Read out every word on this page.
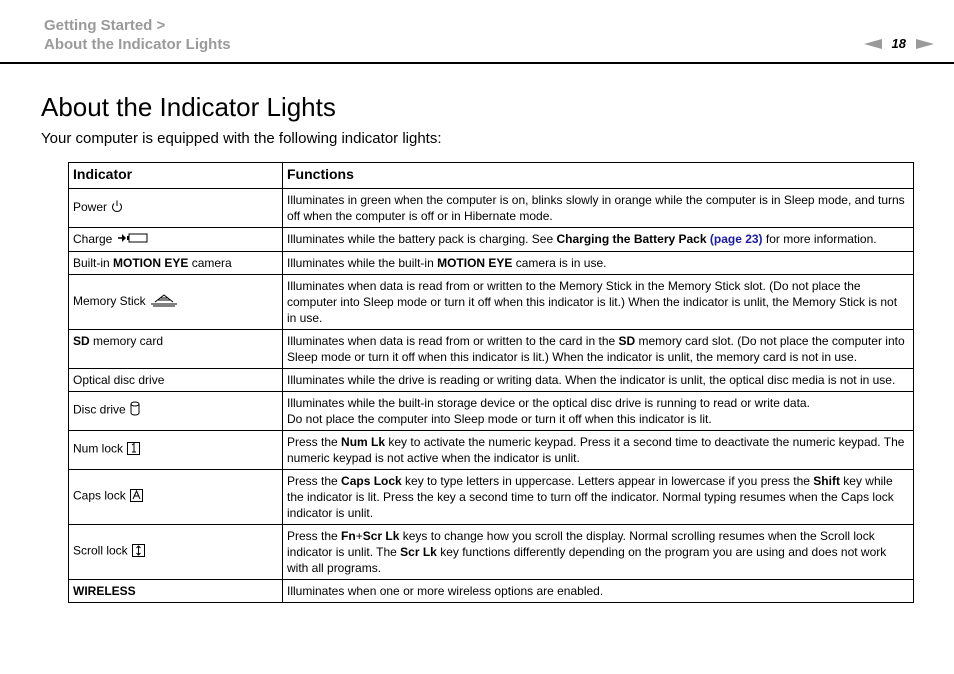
Getting Started >
About the Indicator Lights	18
About the Indicator Lights

Your computer is equipped with the following indicator lights:

Indicator	Functions
Power	Illuminates in green when the computer is on, blinks slowly in orange while the computer is in Sleep mode, and turns off when the computer is off or in Hibernate mode.
Charge	Illuminates while the battery pack is charging. See Charging the Battery Pack (page 23) for more information.
Built-in MOTION EYE camera	Illuminates while the built-in MOTION EYE camera is in use.
Memory Stick	Illuminates when data is read from or written to the Memory Stick in the Memory Stick slot. (Do not place the computer into Sleep mode or turn it off when this indicator is lit.) When the indicator is unlit, the Memory Stick is not in use.
SD memory card	Illuminates when data is read from or written to the card in the SD memory card slot. (Do not place the computer into Sleep mode or turn it off when this indicator is lit.) When the indicator is unlit, the memory card is not in use.
Optical disc drive	Illuminates while the drive is reading or writing data. When the indicator is unlit, the optical disc media is not in use.
Disc drive	Illuminates while the built-in storage device or the optical disc drive is running to read or write data.
Do not place the computer into Sleep mode or turn it off when this indicator is lit.
Num lock	Press the Num Lk key to activate the numeric keypad. Press it a second time to deactivate the numeric keypad. The numeric keypad is not active when the indicator is unlit.
Caps lock	Press the Caps Lock key to type letters in uppercase. Letters appear in lowercase if you press the Shift key while the indicator is lit. Press the key a second time to turn off the indicator. Normal typing resumes when the Caps lock indicator is unlit.
Scroll lock	Press the Fn+Scr Lk keys to change how you scroll the display. Normal scrolling resumes when the Scroll lock indicator is unlit. The Scr Lk key functions differently depending on the program you are using and does not work with all programs.
WIRELESS	Illuminates when one or more wireless options are enabled.
